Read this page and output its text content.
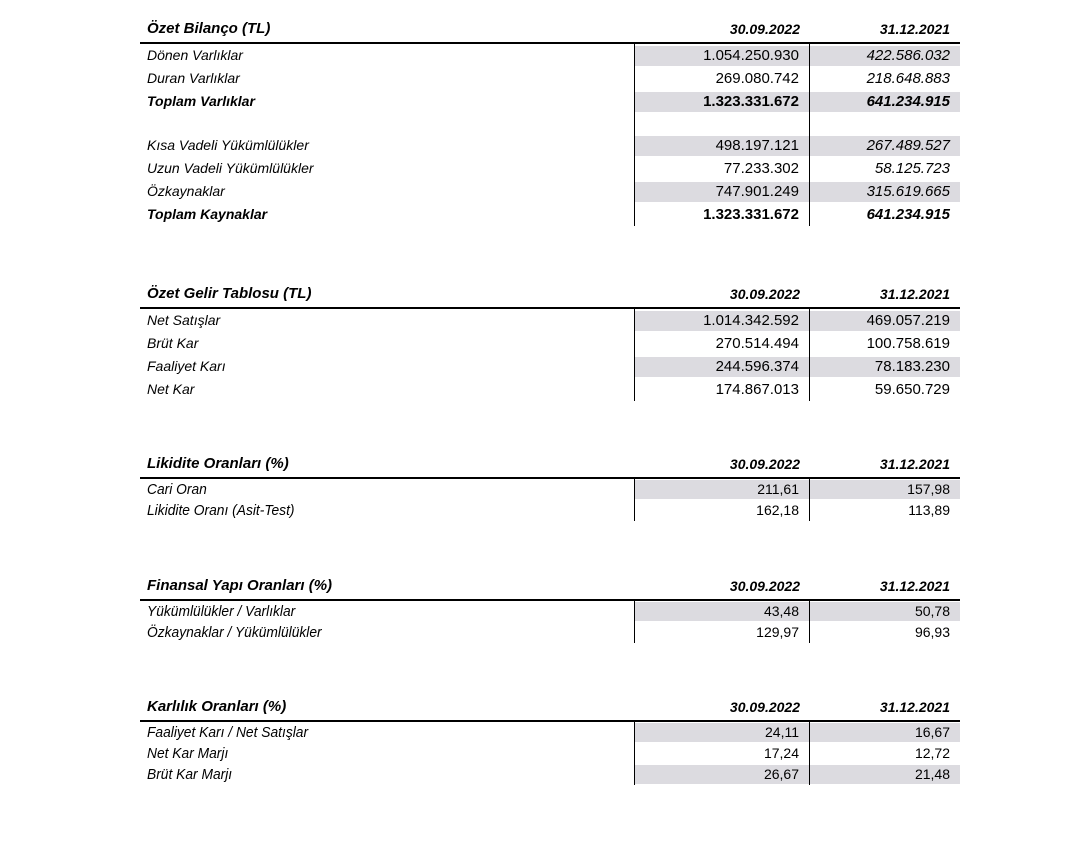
Özet Bilanço (TL)	30.09.2022	31.12.2021
Dönen Varlıklar	1.054.250.930	422.586.032
Duran Varlıklar	269.080.742	218.648.883
Toplam Varlıklar	1.323.331.672	641.234.915
Kısa Vadeli Yükümlülükler	498.197.121	267.489.527
Uzun Vadeli Yükümlülükler	77.233.302	58.125.723
Özkaynaklar	747.901.249	315.619.665
Toplam Kaynaklar	1.323.331.672	641.234.915
Özet Gelir Tablosu (TL)	30.09.2022	31.12.2021
Net Satışlar	1.014.342.592	469.057.219
Brüt Kar	270.514.494	100.758.619
Faaliyet Karı	244.596.374	78.183.230
Net Kar	174.867.013	59.650.729
Likidite Oranları (%)	30.09.2022	31.12.2021
Cari Oran	211,61	157,98
Likidite Oranı (Asit-Test)	162,18	113,89
Finansal Yapı Oranları (%)	30.09.2022	31.12.2021
Yükümlülükler / Varlıklar	43,48	50,78
Özkaynaklar / Yükümlülükler	129,97	96,93
Karlılık Oranları (%)	30.09.2022	31.12.2021
Faaliyet Karı / Net Satışlar	24,11	16,67
Net Kar Marjı	17,24	12,72
Brüt Kar Marjı	26,67	21,48
